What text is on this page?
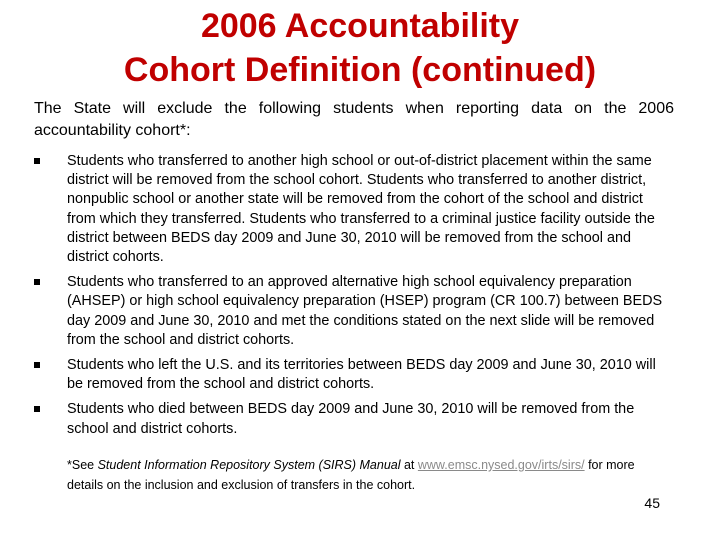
2006 Accountability
Cohort Definition (continued)
The State will exclude the following students when reporting data on the 2006 accountability cohort*:
Students who transferred to another high school or out-of-district placement within the same district will be removed from the school cohort. Students who transferred to another district, nonpublic school or another state will be removed from the cohort of the school and district from which they transferred. Students who transferred to a criminal justice facility outside the district between BEDS day 2009 and June 30, 2010 will be removed from the school and district cohorts.
Students who transferred to an approved alternative high school equivalency preparation (AHSEP) or high school equivalency preparation (HSEP) program (CR 100.7) between BEDS day 2009 and June 30, 2010 and met the conditions stated on the next slide will be removed from the school and district cohorts.
Students who left the U.S. and its territories between BEDS day 2009 and June 30, 2010 will be removed from the school and district cohorts.
Students who died between BEDS day 2009 and June 30, 2010 will be removed from the school and district cohorts.
*See Student Information Repository System (SIRS) Manual at www.emsc.nysed.gov/irts/sirs/ for more details on the inclusion and exclusion of transfers in the cohort.
45
